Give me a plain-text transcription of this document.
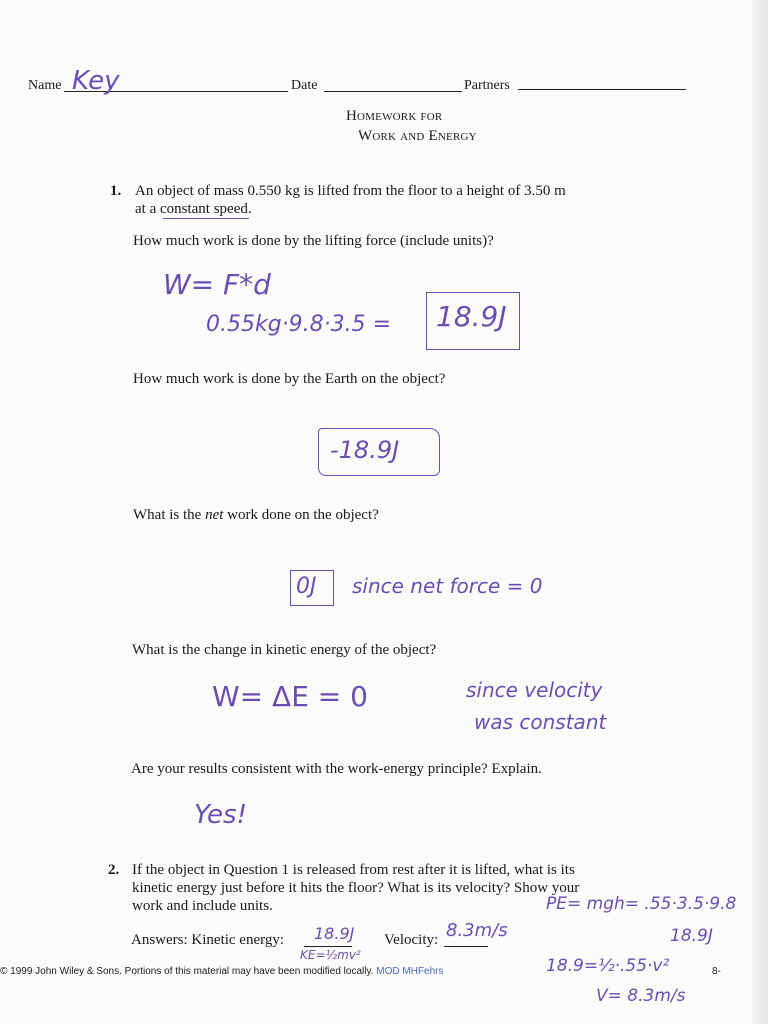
Name Key	Date	Partners
Homework for
Work and Energy
1. An object of mass 0.550 kg is lifted from the floor to a height of 3.50 m
at a constant speed.
How much work is done by the lifting force (include units)?
W= F*d
0.55kg·9.8·3.5 = 18.9J
How much work is done by the Earth on the object?
-18.9J
What is the net work done on the object?
0J since net force = 0
What is the change in kinetic energy of the object?
W= ΔE = 0	since velocity
was constant
Are your results consistent with the work-energy principle? Explain.
Yes!
2. If the object in Question 1 is released from rest after it is lifted, what is its
kinetic energy just before it hits the floor? What is its velocity? Show your
work and include units.
Answers: Kinetic energy: 18.9J
KE=½mv²
Velocity: 8.3m/s
PE= mgh= .55·3.5·9.8
18.9J
18.9=½·.55·v²
V= 8.3m/s
© 1999 John Wiley & Sons. Portions of this material may have been modified locally. MOD MHFehrs	8-
